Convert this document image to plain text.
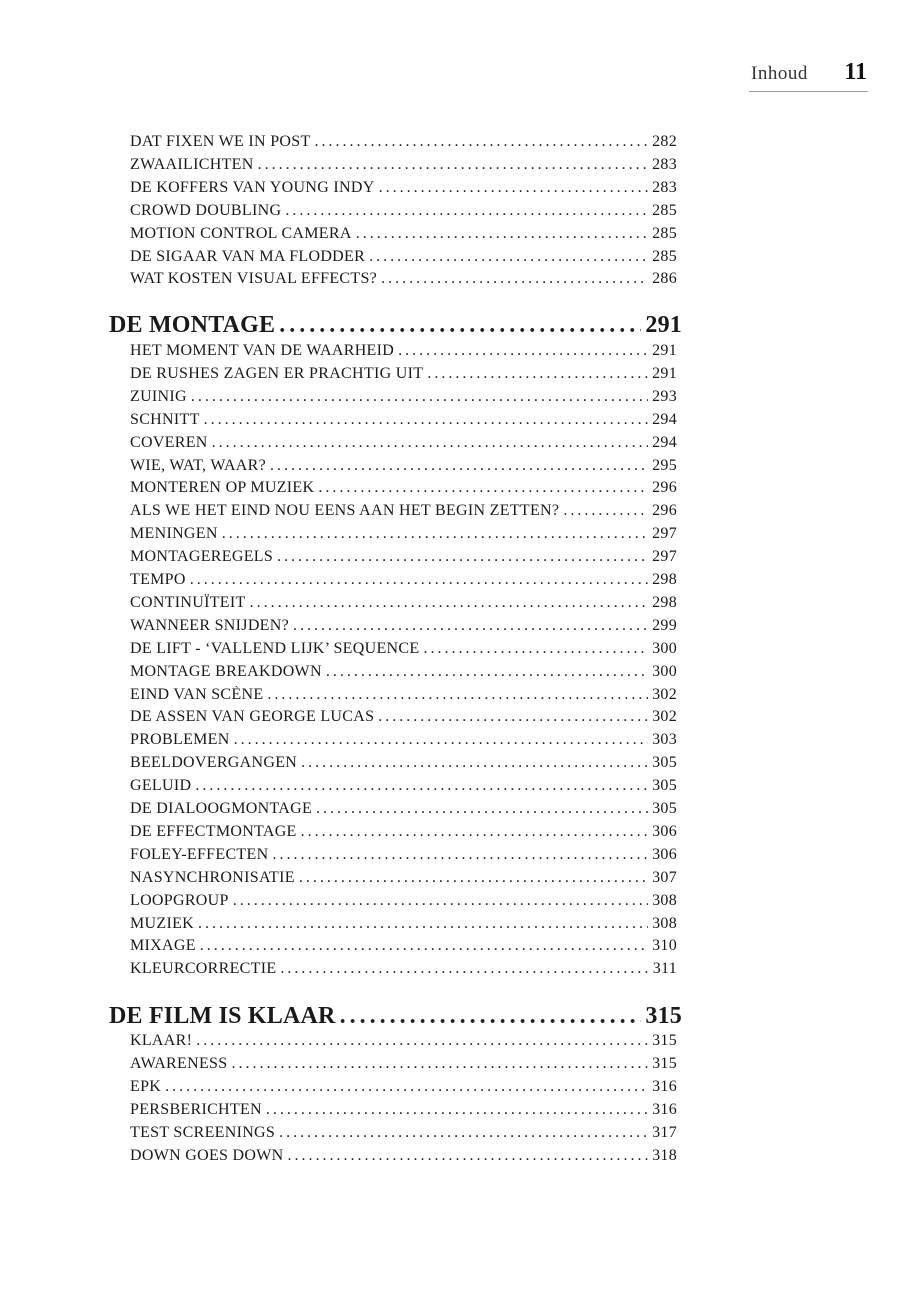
Inhoud 11
DAT FIXEN WE IN POST .....	282
ZWAAILICHTEN .....	283
DE KOFFERS VAN YOUNG INDY .....	283
CROWD DOUBLING .....	285
MOTION CONTROL CAMERA .....	285
DE SIGAAR VAN MA FLODDER .....	285
WAT KOSTEN VISUAL EFFECTS? .....	286
DE MONTAGE .....	291
HET MOMENT VAN DE WAARHEID .....	291
DE RUSHES ZAGEN ER PRACHTIG UIT .....	291
ZUINIG .....	293
SCHNITT .....	294
COVEREN .....	294
WIE, WAT, WAAR? .....	295
MONTEREN OP MUZIEK .....	296
ALS WE HET EIND NOU EENS AAN HET BEGIN ZETTEN? .....	296
MENINGEN .....	297
MONTAGEREGELS .....	297
TEMPO .....	298
CONTINUÏTEIT .....	298
WANNEER SNIJDEN? .....	299
DE LIFT - ‘VALLEND LIJK’ SEQUENCE .....	300
MONTAGE BREAKDOWN .....	300
EIND VAN SCÈNE .....	302
DE ASSEN VAN GEORGE LUCAS .....	302
PROBLEMEN .....	303
BEELDOVERGANGEN .....	305
GELUID .....	305
DE DIALOOGMONTAGE .....	305
DE EFFECTMONTAGE .....	306
FOLEY-EFFECTEN .....	306
NASYNCHRONISATIE .....	307
LOOPGROUP .....	308
MUZIEK .....	308
MIXAGE .....	310
KLEURCORRECTIE .....	311
DE FILM IS KLAAR .....	315
KLAAR! .....	315
AWARENESS .....	315
EPK .....	316
PERSBERICHTEN .....	316
TEST SCREENINGS .....	317
DOWN GOES DOWN .....	318
